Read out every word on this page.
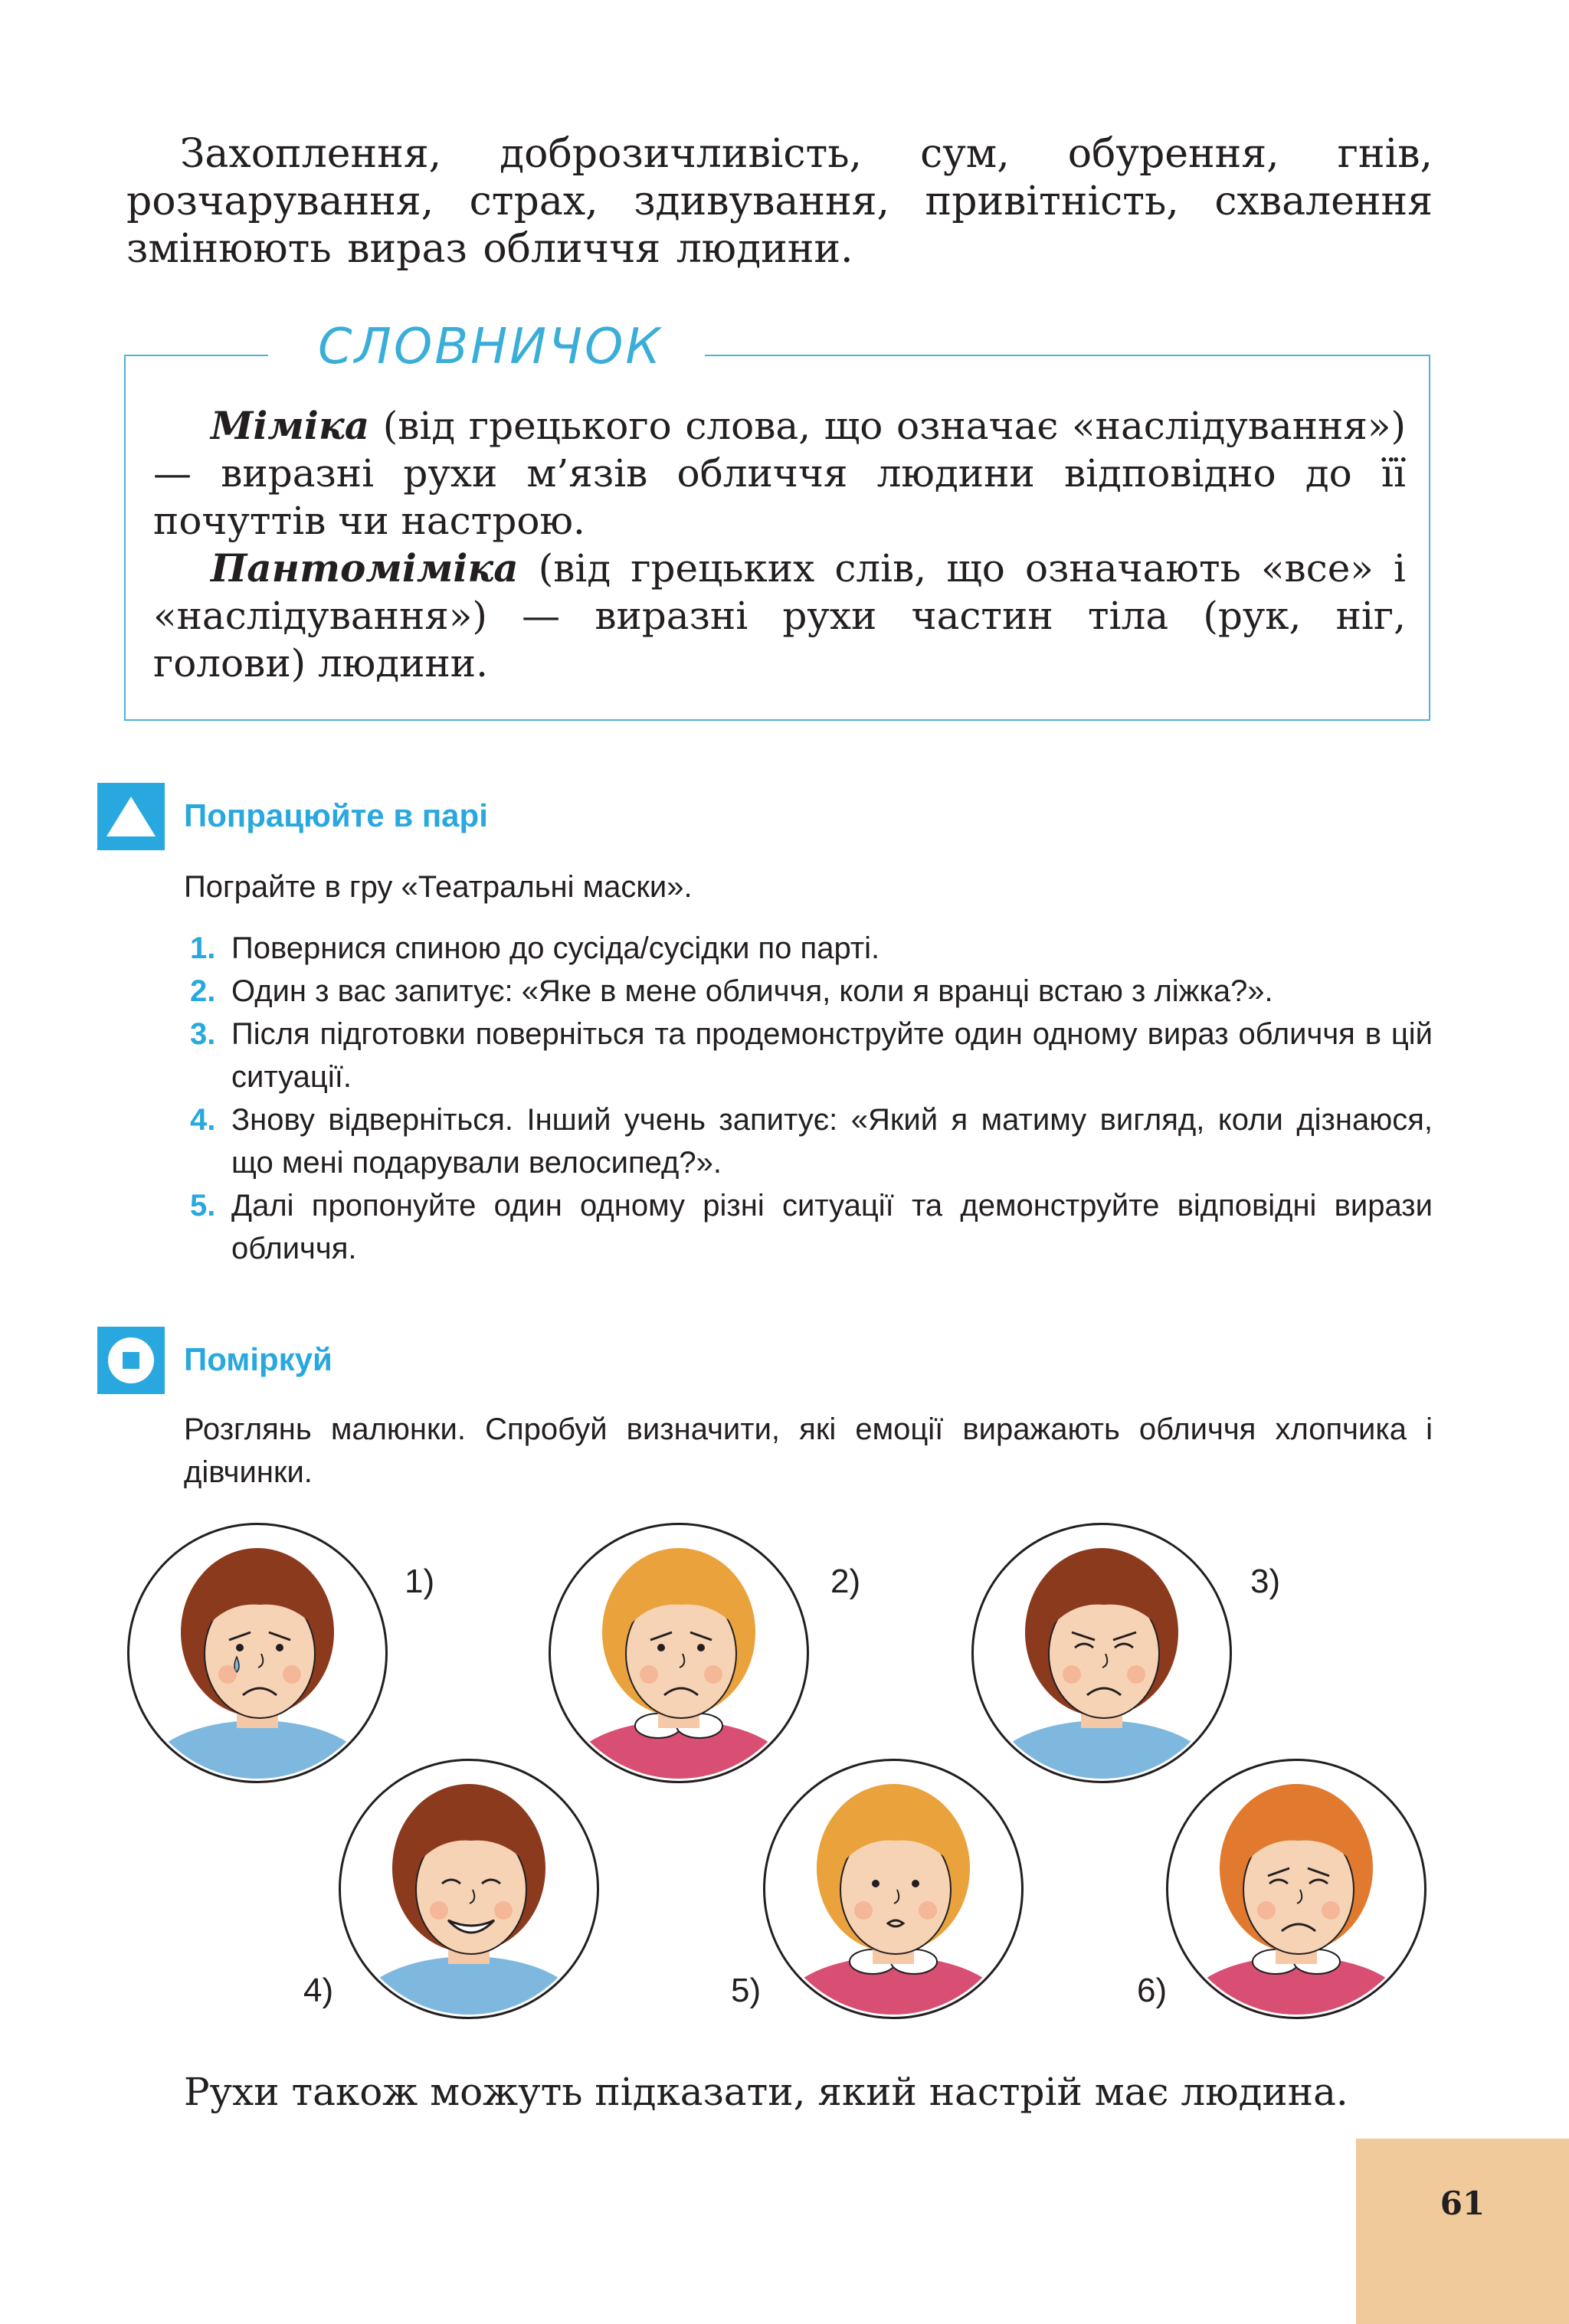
Захоплення, доброзичливість, сум, обурення, гнів, розчарування, страх, здивування, привітність, схвалення змінюють вираз обличчя людини.

СЛОВНИЧОК

Міміка (від грецького слова, що означає «наслідування») — виразні рухи м’язів обличчя людини відповідно до її почуттів чи настрою.

Пантоміміка (від грецьких слів, що означають «все» і «наслідування») — виразні рухи частин тіла (рук, ніг, голови) людини.

Попрацюйте в парі
Пограйте в гру «Театральні маски».
1. Повернися спиною до сусіда/сусідки по парті.
2. Один з вас запитує: «Яке в мене обличчя, коли я вранці встаю з ліжка?».
3. Після підготовки поверніться та продемонструйте один одному вираз обличчя в цій ситуації.
4. Знову відверніться. Інший учень запитує: «Який я матиму вигляд, коли дізнаюся, що мені подарували велосипед?».
5. Далі пропонуйте один одному різні ситуації та демонструйте відповідні вирази обличчя.
Поміркуй
Розглянь малюнки. Спробуй визначити, які емоції виражають обличчя хлопчика і дівчинки.
1)	2)	3)
4)	5)	6)

Рухи також можуть підказати, який настрій має людина.

61
